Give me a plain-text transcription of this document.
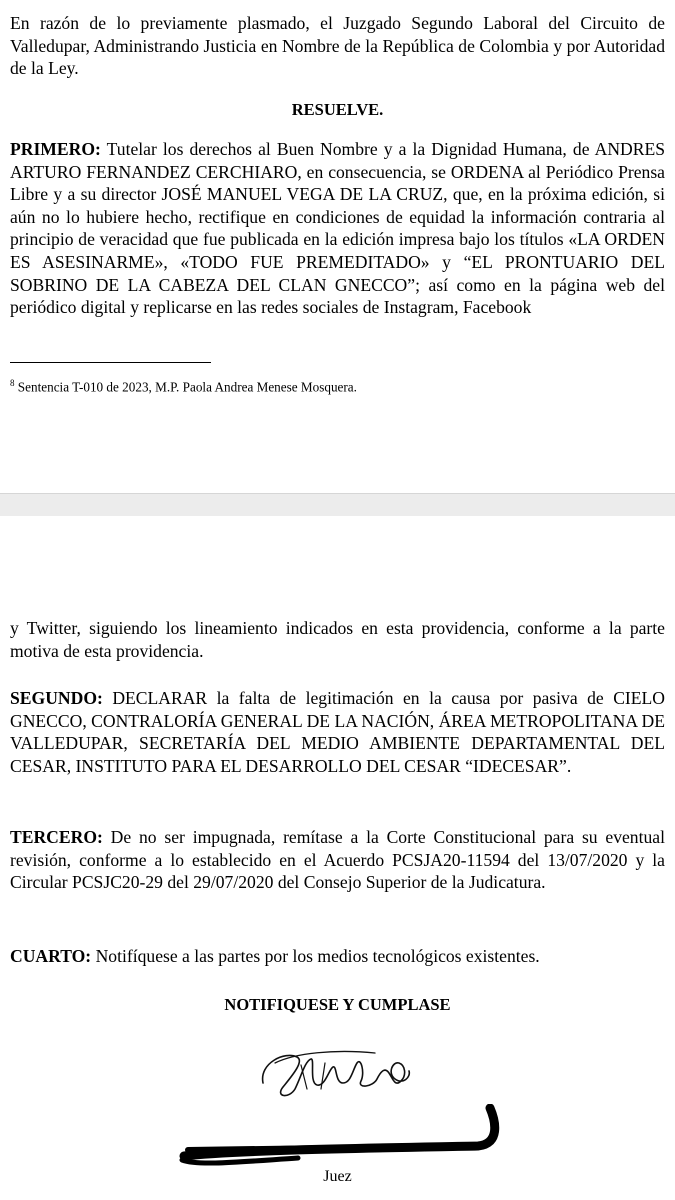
En razón de lo previamente plasmado, el Juzgado Segundo Laboral del Circuito de Valledupar, Administrando Justicia en Nombre de la República de Colombia y por Autoridad de la Ley.

RESUELVE.

PRIMERO: Tutelar los derechos al Buen Nombre y a la Dignidad Humana, de ANDRES ARTURO FERNANDEZ CERCHIARO, en consecuencia, se ORDENA al Periódico Prensa Libre y a su director JOSÉ MANUEL VEGA DE LA CRUZ, que, en la próxima edición, si aún no lo hubiere hecho, rectifique en condiciones de equidad la información contraria al principio de veracidad que fue publicada en la edición impresa bajo los títulos «LA ORDEN ES ASESINARME», «TODO FUE PREMEDITADO» y “EL PRONTUARIO DEL SOBRINO DE LA CABEZA DEL CLAN GNECCO”; así como en la página web del periódico digital y replicarse en las redes sociales de Instagram, Facebook

$^8$ Sentencia T-010 de 2023, M.P. Paola Andrea Menese Mosquera.

y Twitter, siguiendo los lineamiento indicados en esta providencia, conforme a la parte motiva de esta providencia.

SEGUNDO: DECLARAR la falta de legitimación en la causa por pasiva de CIELO GNECCO, CONTRALORÍA GENERAL DE LA NACIÓN, ÁREA METROPOLITANA DE VALLEDUPAR, SECRETARÍA DEL MEDIO AMBIENTE DEPARTAMENTAL DEL CESAR, INSTITUTO PARA EL DESARROLLO DEL CESAR “IDECESAR”.

TERCERO: De no ser impugnada, remítase a la Corte Constitucional para su eventual revisión, conforme a lo establecido en el Acuerdo PCSJA20-11594 del 13/07/2020 y la Circular PCSJC20-29 del 29/07/2020 del Consejo Superior de la Judicatura.

CUARTO: Notifíquese a las partes por los medios tecnológicos existentes.

NOTIFIQUESE Y CUMPLASE

Juez
